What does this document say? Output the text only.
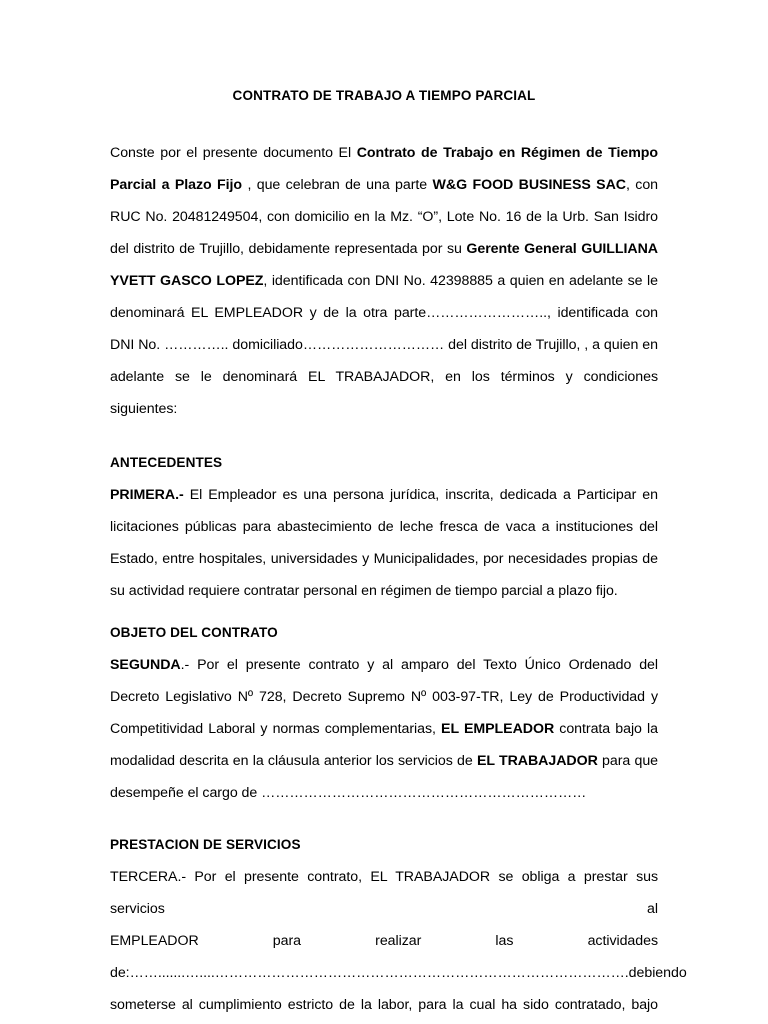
CONTRATO DE TRABAJO A TIEMPO PARCIAL

Conste por el presente documento El Contrato de Trabajo en Régimen de Tiempo Parcial a Plazo Fijo , que celebran de una parte W&G FOOD BUSINESS SAC, con RUC No. 20481249504, con domicilio en la Mz. “O”, Lote No. 16 de la Urb. San Isidro del distrito de Trujillo, debidamente representada por su Gerente General GUILLIANA YVETT GASCO LOPEZ, identificada con DNI No. 42398885 a quien en adelante se le denominará EL EMPLEADOR y de la otra parte…………………….., identificada con DNI No. ………….. domiciliado………………………… del distrito de Trujillo, , a quien en adelante se le denominará EL TRABAJADOR, en los términos y condiciones siguientes:

ANTECEDENTES

PRIMERA.- El Empleador es una persona jurídica, inscrita, dedicada a Participar en licitaciones públicas para abastecimiento de leche fresca de vaca a instituciones del Estado, entre hospitales, universidades y Municipalidades, por necesidades propias de su actividad requiere contratar personal en régimen de tiempo parcial a plazo fijo.

OBJETO DEL CONTRATO

SEGUNDA.- Por el presente contrato y al amparo del Texto Único Ordenado del Decreto Legislativo Nº 728, Decreto Supremo Nº 003-97-TR, Ley de Productividad y Competitividad Laboral y normas complementarias, EL EMPLEADOR contrata bajo la modalidad descrita en la cláusula anterior los servicios de EL TRABAJADOR para que desempeñe el cargo de ……………………………………………………………

PRESTACION DE SERVICIOS
TERCERA.- Por el presente contrato, EL TRABAJADOR se obliga a prestar sus servicios al
EMPLEADOR para realizar las actividades
de:…….......…....…………………………………………………………………………….debiendo
someterse al cumplimiento estricto de la labor, para la cual ha sido contratado, bajo
